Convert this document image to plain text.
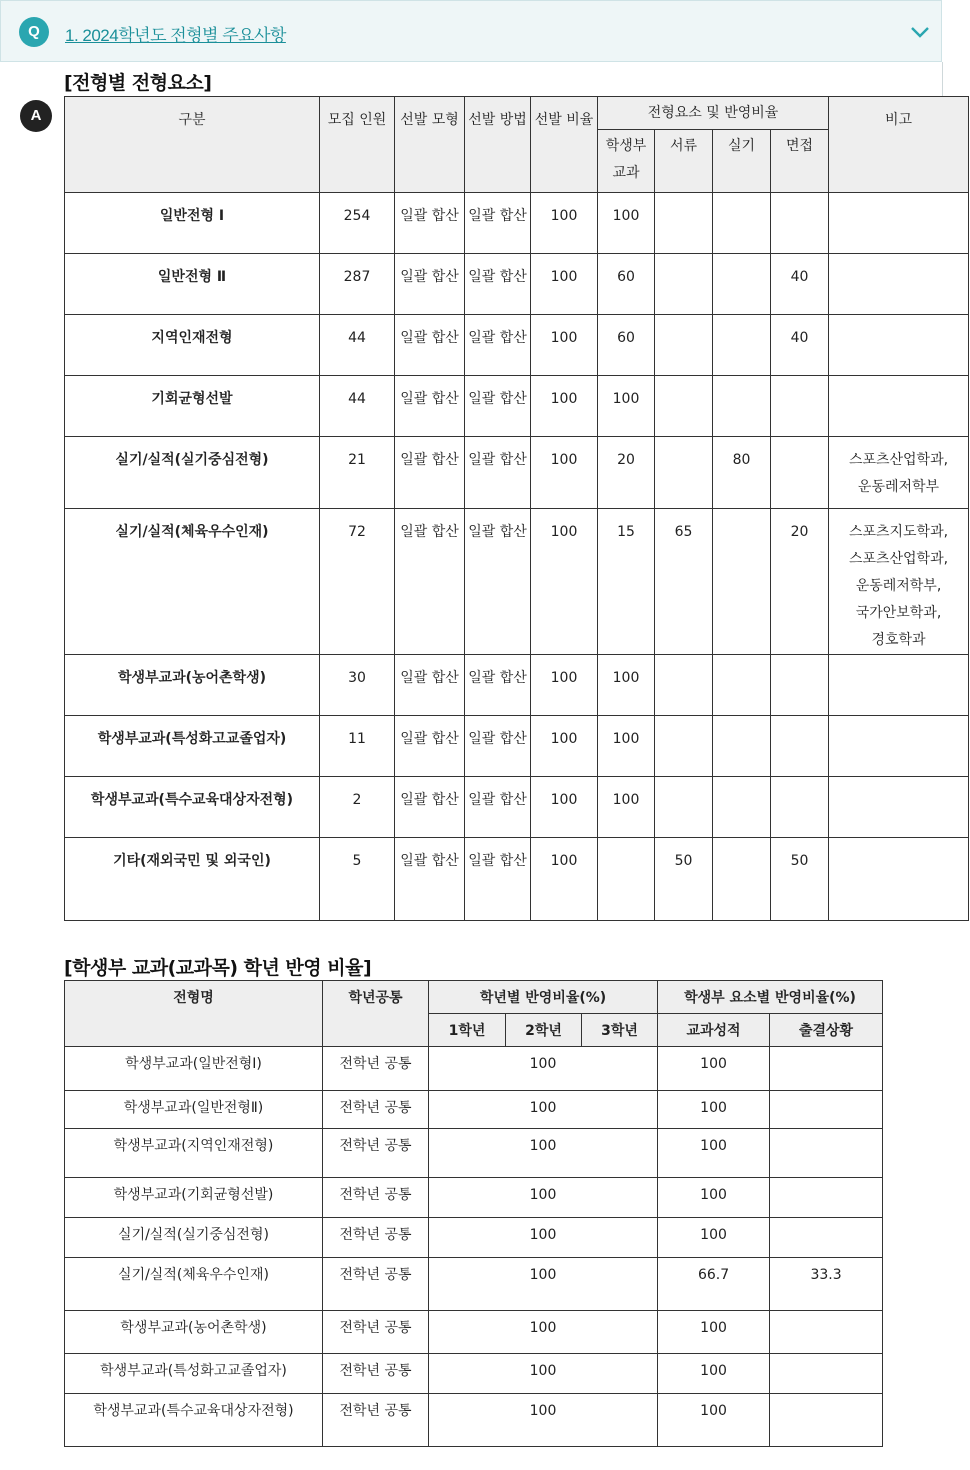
Q	1. 2024학년도 전형별 주요사항
A
[전형별 전형요소]
구분	모집 인원	선발 모형	선발 방법	선발 비율	전형요소 및 반영비율				비고
					학생부 교과	서류	실기	면접	
일반전형 Ⅰ	254	일괄 합산	일괄 합산	100	100				
일반전형 Ⅱ	287	일괄 합산	일괄 합산	100	60			40	
지역인재전형	44	일괄 합산	일괄 합산	100	60			40	
기회균형선발	44	일괄 합산	일괄 합산	100	100				
실기/실적(실기중심전형)	21	일괄 합산	일괄 합산	100	20		80		스포츠산업학과, 운동레저학부
실기/실적(체육우수인재)	72	일괄 합산	일괄 합산	100	15	65		20	스포츠지도학과, 스포츠산업학과, 운동레저학부, 국가안보학과, 경호학과
학생부교과(농어촌학생)	30	일괄 합산	일괄 합산	100	100				
학생부교과(특성화고교졸업자)	11	일괄 합산	일괄 합산	100	100				
학생부교과(특수교육대상자전형)	2	일괄 합산	일괄 합산	100	100				
기타(재외국민 및 외국인)	5	일괄 합산	일괄 합산	100		50		50	
[학생부 교과(교과목) 학년 반영 비율]
전형명	학년공통	학년별 반영비율(%)			학생부 요소별 반영비율(%)	
		1학년	2학년	3학년	교과성적	출결상황
학생부교과(일반전형Ⅰ)	전학년 공통	100			100	
학생부교과(일반전형Ⅱ)	전학년 공통	100			100	
학생부교과(지역인재전형)	전학년 공통	100			100	
학생부교과(기회균형선발)	전학년 공통	100			100	
실기/실적(실기중심전형)	전학년 공통	100			100	
실기/실적(체육우수인재)	전학년 공통	100			66.7	33.3
학생부교과(농어촌학생)	전학년 공통	100			100	
학생부교과(특성화고교졸업자)	전학년 공통	100			100	
학생부교과(특수교육대상자전형)	전학년 공통	100			100	
